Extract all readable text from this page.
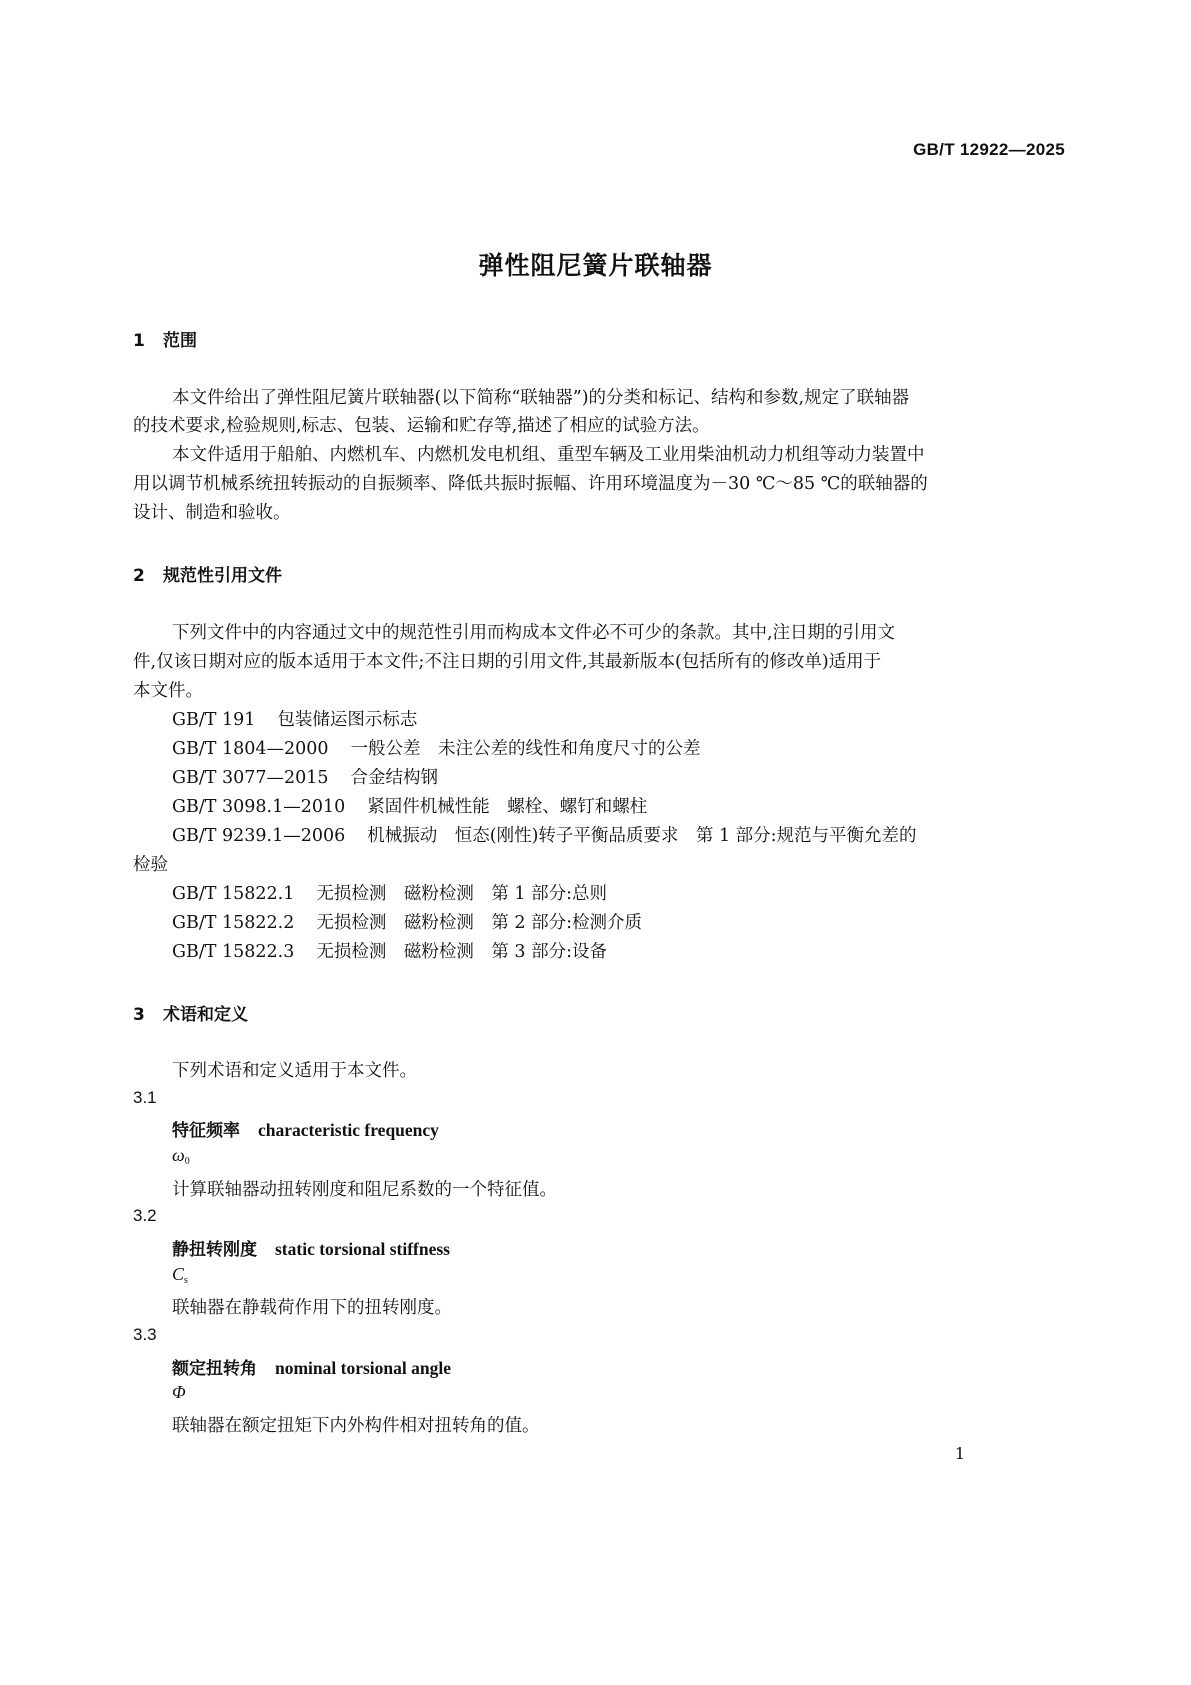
GB/T 12922—2025
弹性阻尼簧片联轴器
1 范围
本文件给出了弹性阻尼簧片联轴器(以下简称“联轴器”)的分类和标记、结构和参数,规定了联轴器
的技术要求,检验规则,标志、包装、运输和贮存等,描述了相应的试验方法。
本文件适用于船舶、内燃机车、内燃机发电机组、重型车辆及工业用柴油机动力机组等动力装置中
用以调节机械系统扭转振动的自振频率、降低共振时振幅、许用环境温度为－30 ℃～85 ℃的联轴器的
设计、制造和验收。
2 规范性引用文件
下列文件中的内容通过文中的规范性引用而构成本文件必不可少的条款。其中,注日期的引用文
件,仅该日期对应的版本适用于本文件;不注日期的引用文件,其最新版本(包括所有的修改单)适用于
本文件。
GB/T 191 包装储运图示标志
GB/T 1804—2000 一般公差　未注公差的线性和角度尺寸的公差
GB/T 3077—2015 合金结构钢
GB/T 3098.1—2010 紧固件机械性能　螺栓、螺钉和螺柱
GB/T 9239.1—2006 机械振动　恒态(刚性)转子平衡品质要求　第 1 部分:规范与平衡允差的
检验
GB/T 15822.1 无损检测　磁粉检测　第 1 部分:总则
GB/T 15822.2 无损检测　磁粉检测　第 2 部分:检测介质
GB/T 15822.3 无损检测　磁粉检测　第 3 部分:设备
3 术语和定义
下列术语和定义适用于本文件。
3.1
特征频率 characteristic frequency
$\omega_0$
计算联轴器动扭转刚度和阻尼系数的一个特征值。
3.2
静扭转刚度 static torsional stiffness
$C_s$
联轴器在静载荷作用下的扭转刚度。
3.3
额定扭转角 nominal torsional angle
Φ
联轴器在额定扭矩下内外构件相对扭转角的值。
1
